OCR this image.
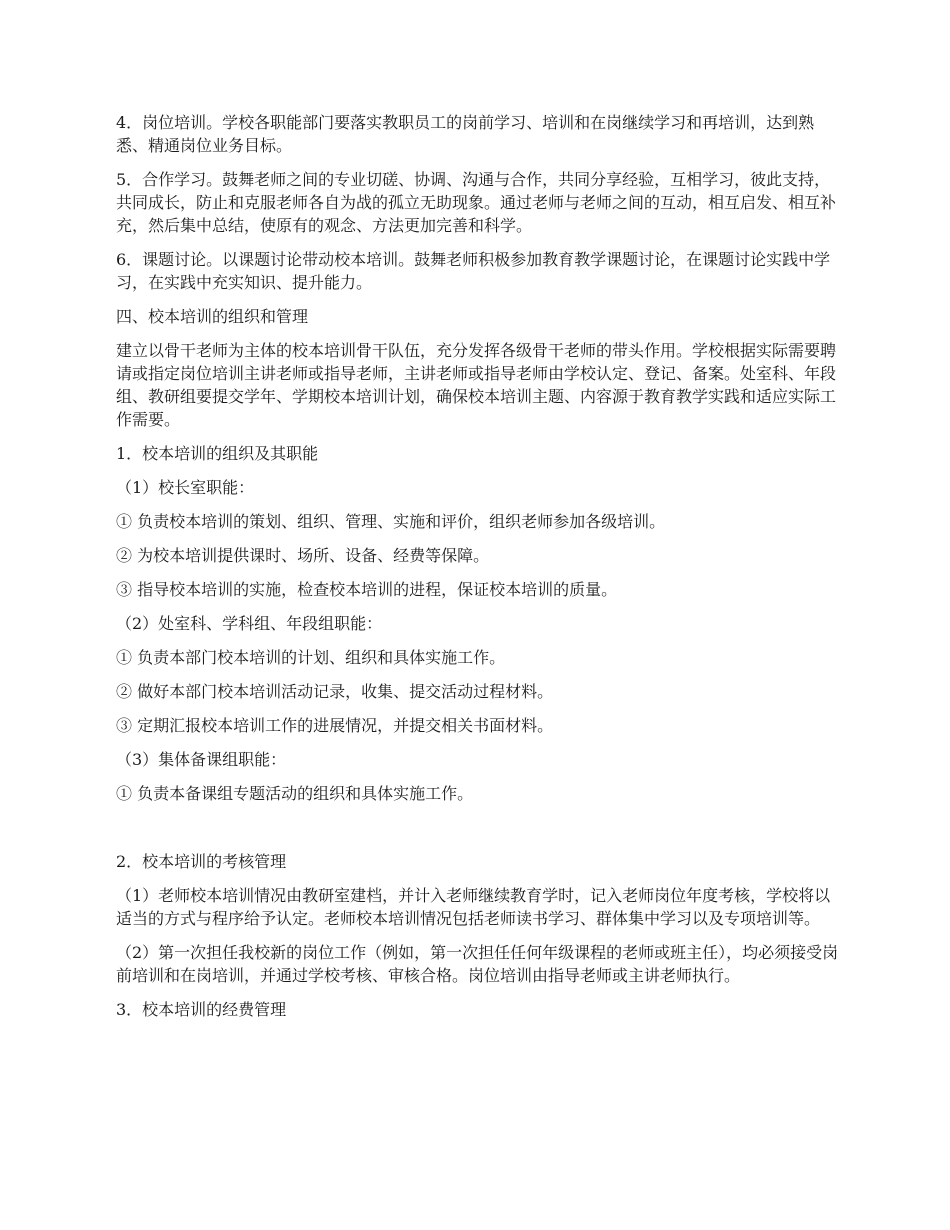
4．岗位培训。学校各职能部门要落实教职员工的岗前学习、培训和在岗继续学习和再培训，达到熟悉、精通岗位业务目标。

5．合作学习。鼓舞老师之间的专业切磋、协调、沟通与合作，共同分享经验，互相学习，彼此支持，共同成长，防止和克服老师各自为战的孤立无助现象。通过老师与老师之间的互动，相互启发、相互补充，然后集中总结，使原有的观念、方法更加完善和科学。

6．课题讨论。以课题讨论带动校本培训。鼓舞老师积极参加教育教学课题讨论，在课题讨论实践中学习，在实践中充实知识、提升能力。

四、校本培训的组织和管理

建立以骨干老师为主体的校本培训骨干队伍，充分发挥各级骨干老师的带头作用。学校根据实际需要聘请或指定岗位培训主讲老师或指导老师，主讲老师或指导老师由学校认定、登记、备案。处室科、年段组、教研组要提交学年、学期校本培训计划，确保校本培训主题、内容源于教育教学实践和适应实际工作需要。

1．校本培训的组织及其职能

（1）校长室职能：

① 负责校本培训的策划、组织、管理、实施和评价，组织老师参加各级培训。

② 为校本培训提供课时、场所、设备、经费等保障。

③ 指导校本培训的实施，检查校本培训的进程，保证校本培训的质量。

（2）处室科、学科组、年段组职能：

① 负责本部门校本培训的计划、组织和具体实施工作。

② 做好本部门校本培训活动记录，收集、提交活动过程材料。

③ 定期汇报校本培训工作的进展情况，并提交相关书面材料。

（3）集体备课组职能：

① 负责本备课组专题活动的组织和具体实施工作。

2．校本培训的考核管理

（1）老师校本培训情况由教研室建档，并计入老师继续教育学时，记入老师岗位年度考核，学校将以适当的方式与程序给予认定。老师校本培训情况包括老师读书学习、群体集中学习以及专项培训等。

（2）第一次担任我校新的岗位工作（例如，第一次担任任何年级课程的老师或班主任），均必须接受岗前培训和在岗培训，并通过学校考核、审核合格。岗位培训由指导老师或主讲老师执行。

3．校本培训的经费管理
